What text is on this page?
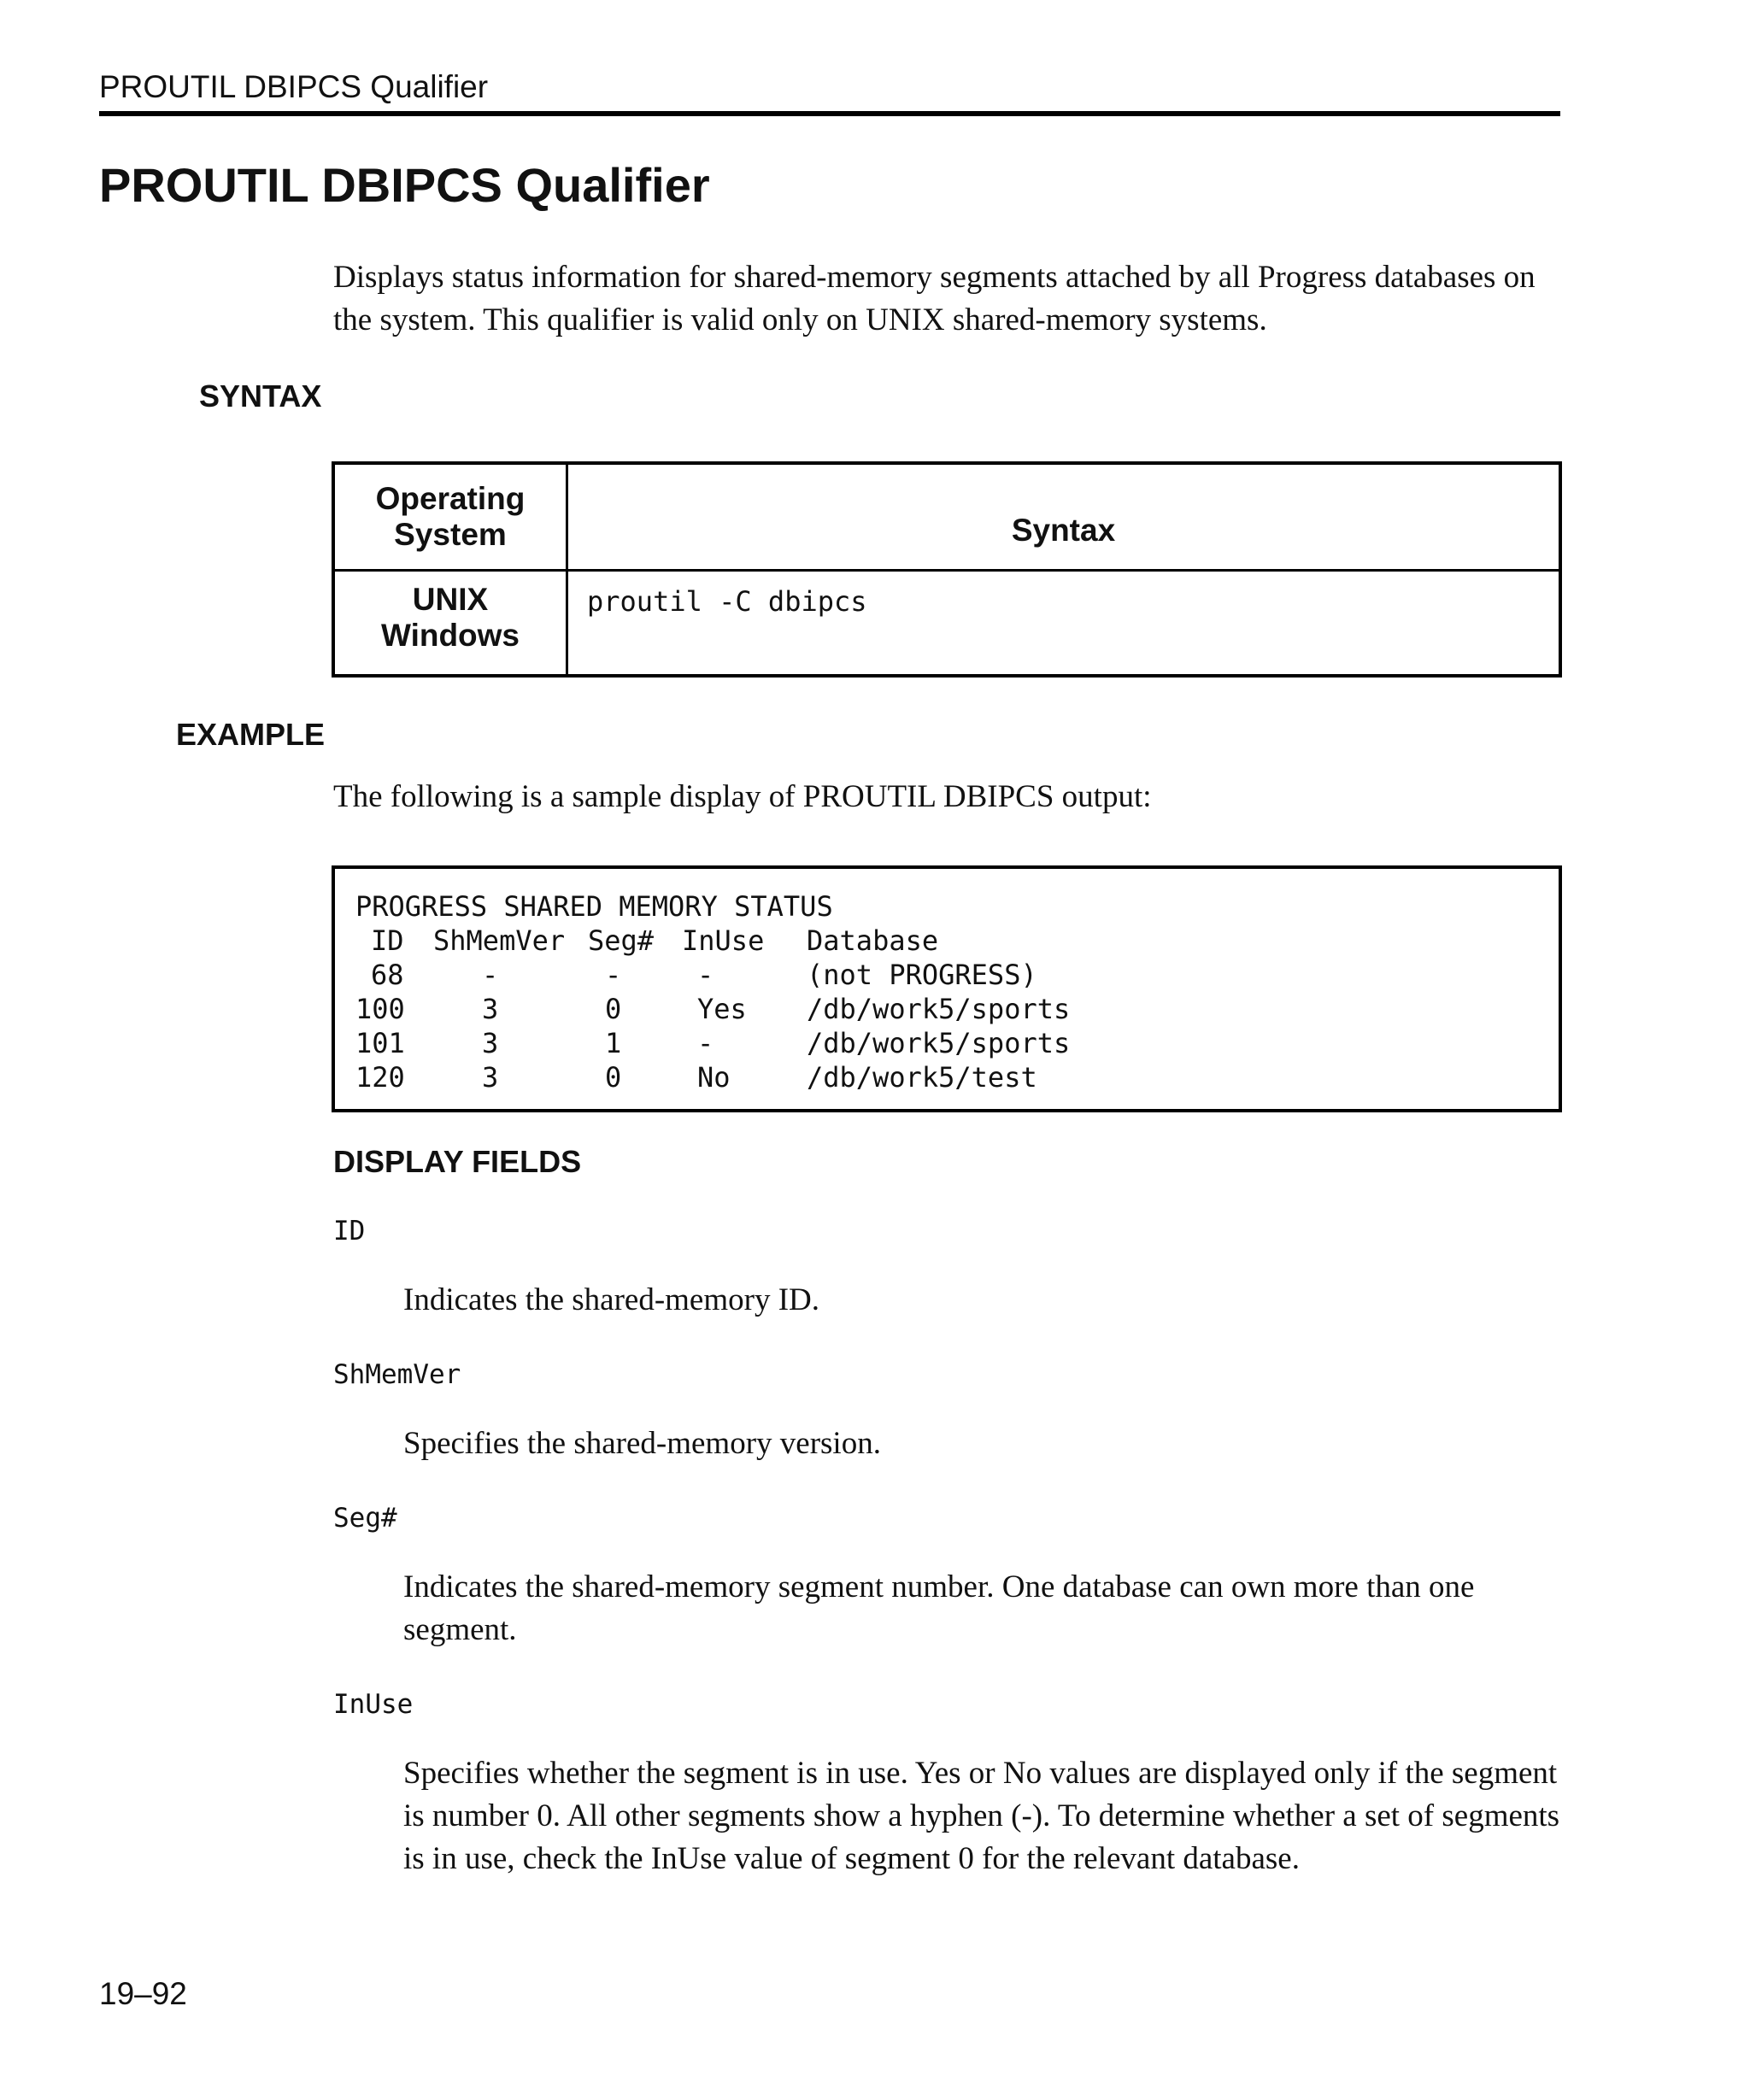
PROUTIL DBIPCS Qualifier
PROUTIL DBIPCS Qualifier

Displays status information for shared-memory segments attached by all Progress databases on the system. This qualifier is valid only on UNIX shared-memory systems.

SYNTAX
Operating System	Syntax

UNIX
Windows	proutil -C dbipcs
EXAMPLE

The following is a sample display of PROUTIL DBIPCS output:

PROGRESS SHARED MEMORY STATUS
ID ShMemVer Seg# InUse Database
68	-	-	-	(not PROGRESS)
100	3	0	Yes /db/work5/sports
101	3	1	-	/db/work5/sports
120	3	0	No	/db/work5/test
DISPLAY FIELDS

ID

Indicates the shared-memory ID.

ShMemVer

Specifies the shared-memory version.

Seg#

Indicates the shared-memory segment number. One database can own more than one segment.

InUse

Specifies whether the segment is in use. Yes or No values are displayed only if the segment is number 0. All other segments show a hyphen (-). To determine whether a set of segments is in use, check the InUse value of segment 0 for the relevant database.

19–92
